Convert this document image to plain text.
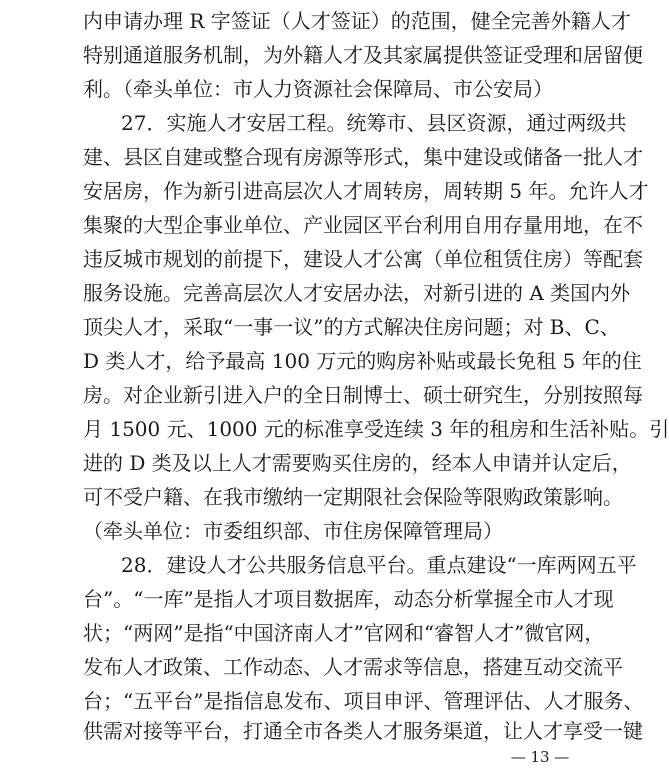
内申请办理 R 字签证（人才签证）的范围，健全完善外籍人才
特别通道服务机制，为外籍人才及其家属提供签证受理和居留便
利。（牵头单位：市人力资源社会保障局、市公安局）
27．实施人才安居工程。统筹市、县区资源，通过两级共
建、县区自建或整合现有房源等形式，集中建设或储备一批人才
安居房，作为新引进高层次人才周转房，周转期 5 年。允许人才
集聚的大型企事业单位、产业园区平台利用自用存量用地，在不
违反城市规划的前提下，建设人才公寓（单位租赁住房）等配套
服务设施。完善高层次人才安居办法，对新引进的 A 类国内外
顶尖人才，采取“一事一议”的方式解决住房问题；对 B、C、
D 类人才，给予最高 100 万元的购房补贴或最长免租 5 年的住
房。对企业新引进入户的全日制博士、硕士研究生，分别按照每
月 1500 元、1000 元的标准享受连续 3 年的租房和生活补贴。引
进的 D 类及以上人才需要购买住房的，经本人申请并认定后，
可不受户籍、在我市缴纳一定期限社会保险等限购政策影响。
（牵头单位：市委组织部、市住房保障管理局）
28．建设人才公共服务信息平台。重点建设“一库两网五平
台”。“一库”是指人才项目数据库，动态分析掌握全市人才现
状；“两网”是指“中国济南人才”官网和“睿智人才”微官网，
发布人才政策、工作动态、人才需求等信息，搭建互动交流平
台；“五平台”是指信息发布、项目申评、管理评估、人才服务、
供需对接等平台，打通全市各类人才服务渠道，让人才享受一键
— 13 —
